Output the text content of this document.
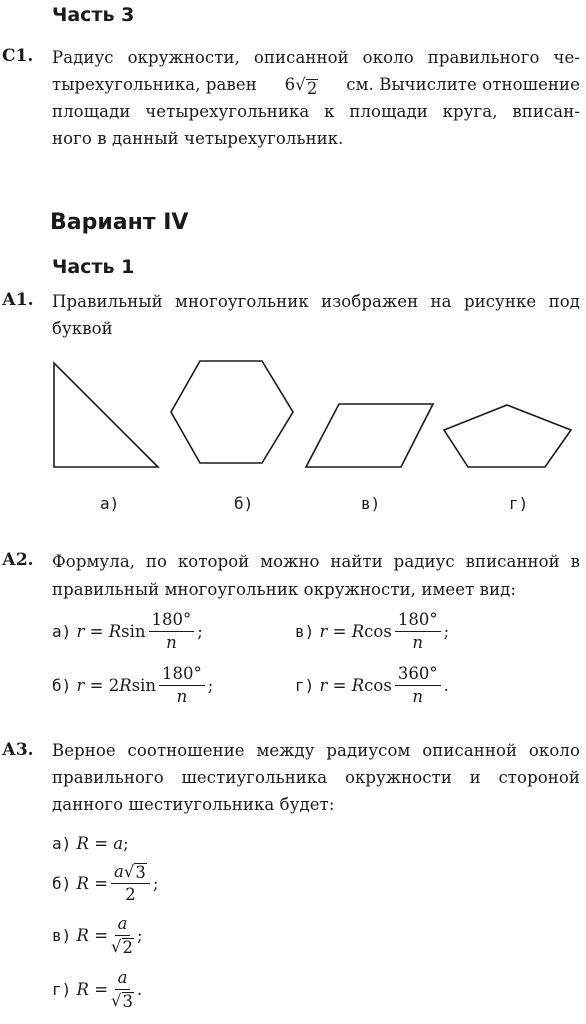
Часть 3
С1. Радиус окружности, описанной около правильного че-
тырехугольника, равен 6 √ 2 см. Вычислите отношение
площади четырехугольника к площади круга, вписан-
ного в данный четырехугольник.
Вариант IV
Часть 1
А1. Правильный многоугольник изображен на рисунке под
буквой
а)	б)	в)	г)
А2. Формула, по которой можно найти радиус вписанной в
правильный многоугольник окружности, имеет вид:
а)
r
=
R $\sin \frac{180^\circ}{n}$ ;	в)
r
=
R $\cos \frac{180^\circ}{n}$ ;
б)
r
=
2 R $\sin \frac{180^\circ}{n}$ ;	г)
r
=
R $\cos \frac{360^\circ}{n}$ .
А3. Верное соотношение между радиусом описанной около
правильного шестиугольника окружности и стороной
данного шестиугольника будет:
а)
R
=
a ;
б)
R
= $\frac{a √ 3}{2}$ ;
в)
R
= $\frac{a}{√ 2}$ ;
г)
R
= $\frac{a}{√ 3}$ .
